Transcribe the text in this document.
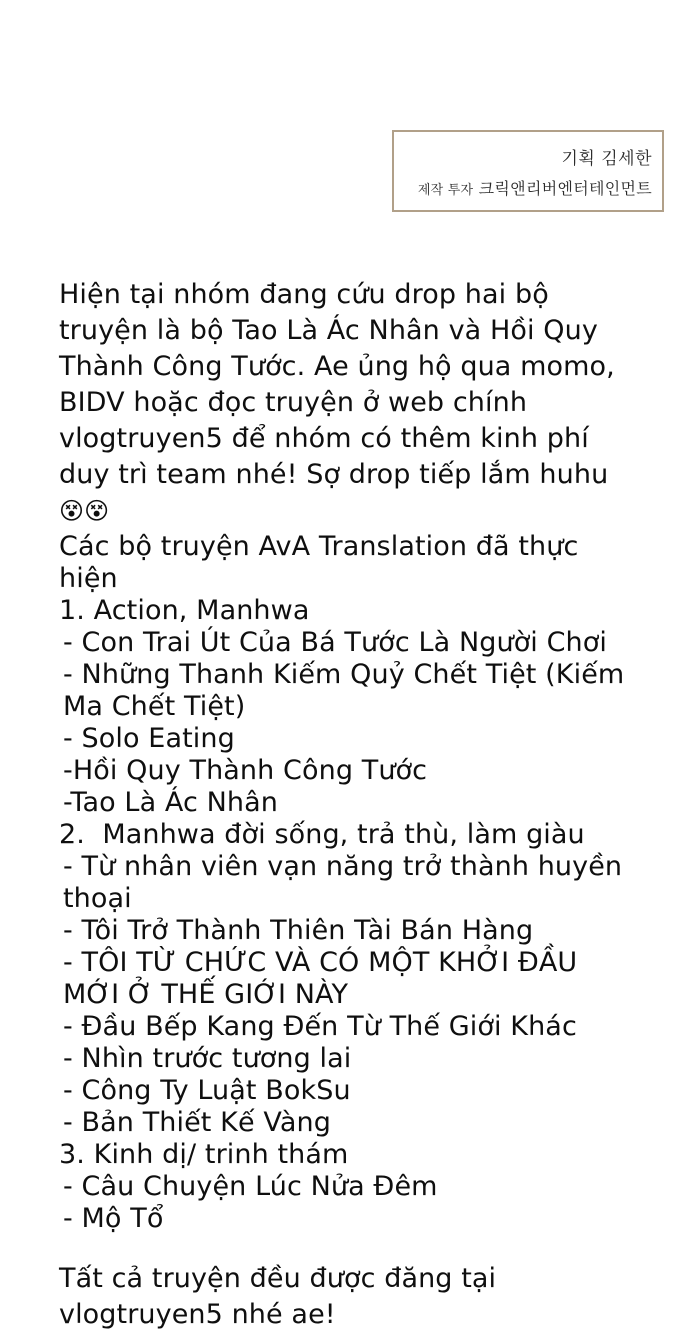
기획 김세한
제작 투자 크릭앤리버엔터테인먼트

Hiện tại nhóm đang cứu drop hai bộ truyện là bộ Tao Là Ác Nhân và Hồi Quy Thành Công Tước. Ae ủng hộ qua momo, BIDV hoặc đọc truyện ở web chính vlogtruyen5 để nhóm có thêm kinh phí duy trì team nhé! Sợ drop tiếp lắm huhu 😵😵

Các bộ truyện AvA Translation đã thực hiện

1. Action, Manhwa

- Con Trai Út Của Bá Tước Là Người Chơi

- Những Thanh Kiếm Quỷ Chết Tiệt (Kiếm Ma Chết Tiệt)

- Solo Eating

-Hồi Quy Thành Công Tước

-Tao Là Ác Nhân

2.  Manhwa đời sống, trả thù, làm giàu

- Từ nhân viên vạn năng trở thành huyền thoại

- Tôi Trở Thành Thiên Tài Bán Hàng

- TÔI TỪ CHỨC VÀ CÓ MỘT KHỞI ĐẦU MỚI Ở THẾ GIỚI NÀY

- Đầu Bếp Kang Đến Từ Thế Giới Khác

- Nhìn trước tương lai

- Công Ty Luật BokSu

- Bản Thiết Kế Vàng

3. Kinh dị/ trinh thám

- Câu Chuyện Lúc Nửa Đêm

- Mộ Tổ

Tất cả truyện đều được đăng tại vlogtruyen5 nhé ae!
